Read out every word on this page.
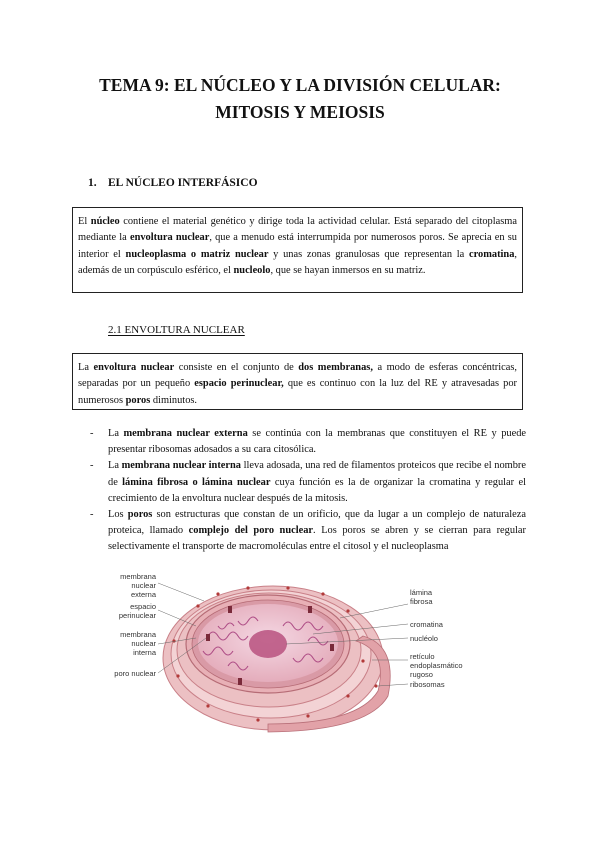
TEMA 9: EL NÚCLEO Y LA DIVISIÓN CELULAR:
MITOSIS Y MEIOSIS
1. EL NÚCLEO INTERFÁSICO
El núcleo contiene el material genético y dirige toda la actividad celular. Está separado del citoplasma mediante la envoltura nuclear, que a menudo está interrumpida por numerosos poros. Se aprecia en su interior el nucleoplasma o matriz nuclear y unas zonas granulosas que representan la cromatina, además de un corpúsculo esférico, el nucleolo, que se hayan inmersos en su matriz.
2.1 ENVOLTURA NUCLEAR
La envoltura nuclear consiste en el conjunto de dos membranas, a modo de esferas concéntricas, separadas por un pequeño espacio perinuclear, que es continuo con la luz del RE y atravesadas por numerosos poros diminutos.
-	La membrana nuclear externa se continúa con la membranas que constituyen el RE y puede presentar ribosomas adosados a su cara citosólica.
-	La membrana nuclear interna lleva adosada, una red de filamentos proteicos que recibe el nombre de lámina fibrosa o lámina nuclear cuya función es la de organizar la cromatina y regular el crecimiento de la envoltura nuclear después de la mitosis.
-	Los poros son estructuras que constan de un orificio, que da lugar a un complejo de naturaleza proteica, llamado complejo del poro nuclear. Los poros se abren y se cierran para regular selectivamente el transporte de macromoléculas entre el citosol y el nucleoplasma
membrana
nuclear
externa
espacio
perinuclear
membrana
nuclear
interna
poro nuclear
lámina
fibrosa
cromatina
nucléolo
retículo
endoplasmático
rugoso
ribosomas
